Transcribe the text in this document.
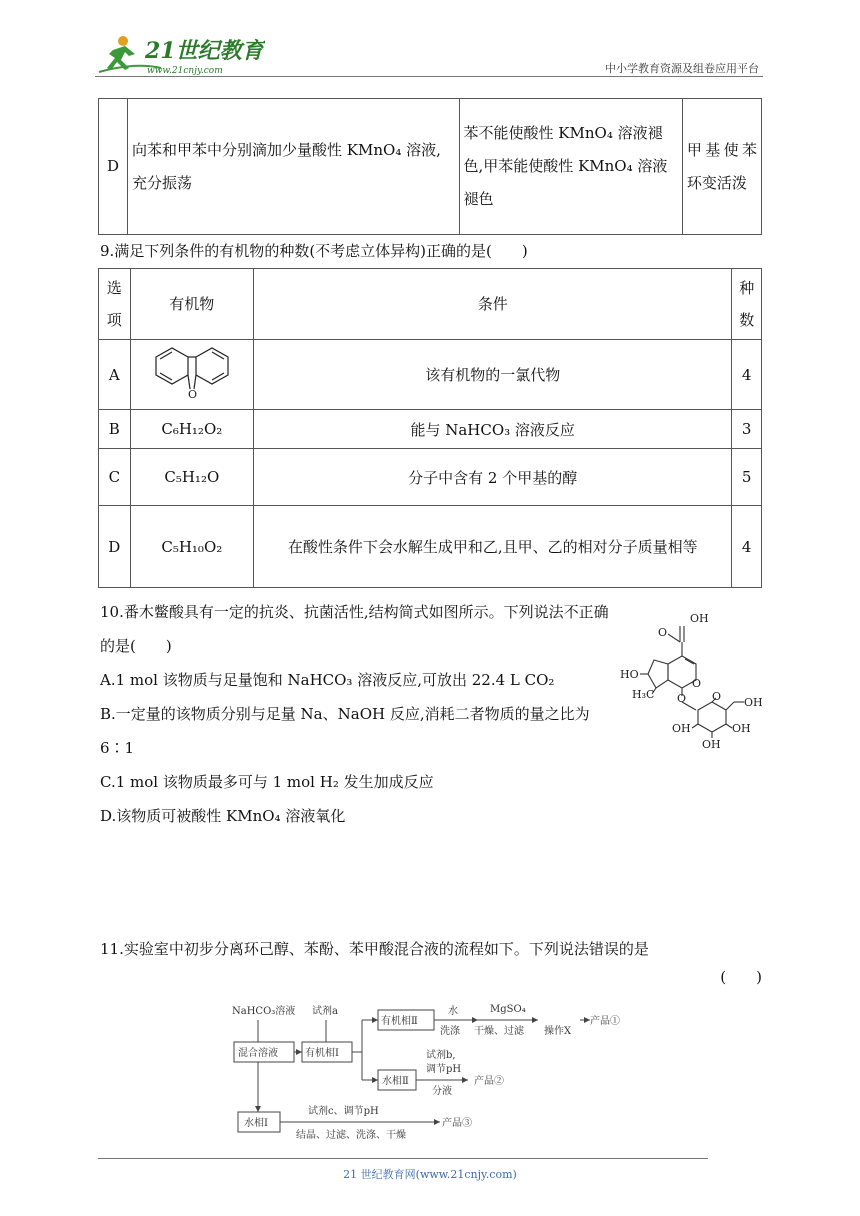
21世纪教育
www.21cnjy.com	中小学教育资源及组卷应用平台
D	向苯和甲苯中分别滴加少量酸性 KMnO₄ 溶液,充分振荡	苯不能使酸性 KMnO₄ 溶液褪色,甲苯能使酸性 KMnO₄ 溶液褪色	甲基使苯环变活泼
9.满足下列条件的有机物的种数(不考虑立体异构)正确的是(　　)
选项	有机物	条件	种数
A	O	该有机物的一氯代物	4
B	C₆H₁₂O₂	能与 NaHCO₃ 溶液反应	3
C	C₅H₁₂O	分子中含有 2 个甲基的醇	5
D	C₅H₁₀O₂	在酸性条件下会水解生成甲和乙,且甲、乙的相对分子质量相等	4
10.番木鳖酸具有一定的抗炎、抗菌活性,结构简式如图所示。下列说法不正确的是(　　)
A.1 mol 该物质与足量饱和 NaHCO₃ 溶液反应,可放出 22.4 L CO₂
B.一定量的该物质分别与足量 Na、NaOH 反应,消耗二者物质的量之比为 6∶1
C.1 mol 该物质最多可与 1 mol H₂ 发生加成反应
D.该物质可被酸性 KMnO₄ 溶液氧化
OH
O
HO
H₃C
O
O O OH
OH	OH
OH
11.实验室中初步分离环己醇、苯酚、苯甲酸混合液的流程如下。下列说法错误的是
(　　)
NaHCO₃溶液 试剂a
混合溶液	有机相Ⅰ
有机相Ⅱ
水
洗涤
MgSO₄
干燥、过滤 操作X
产品①
水相Ⅱ
试剂b,
调节pH
分液
产品②
水相Ⅰ
试剂c、调节pH
结晶、过滤、洗涤、干燥
产品③
21 世纪教育网(www.21cnjy.com)
